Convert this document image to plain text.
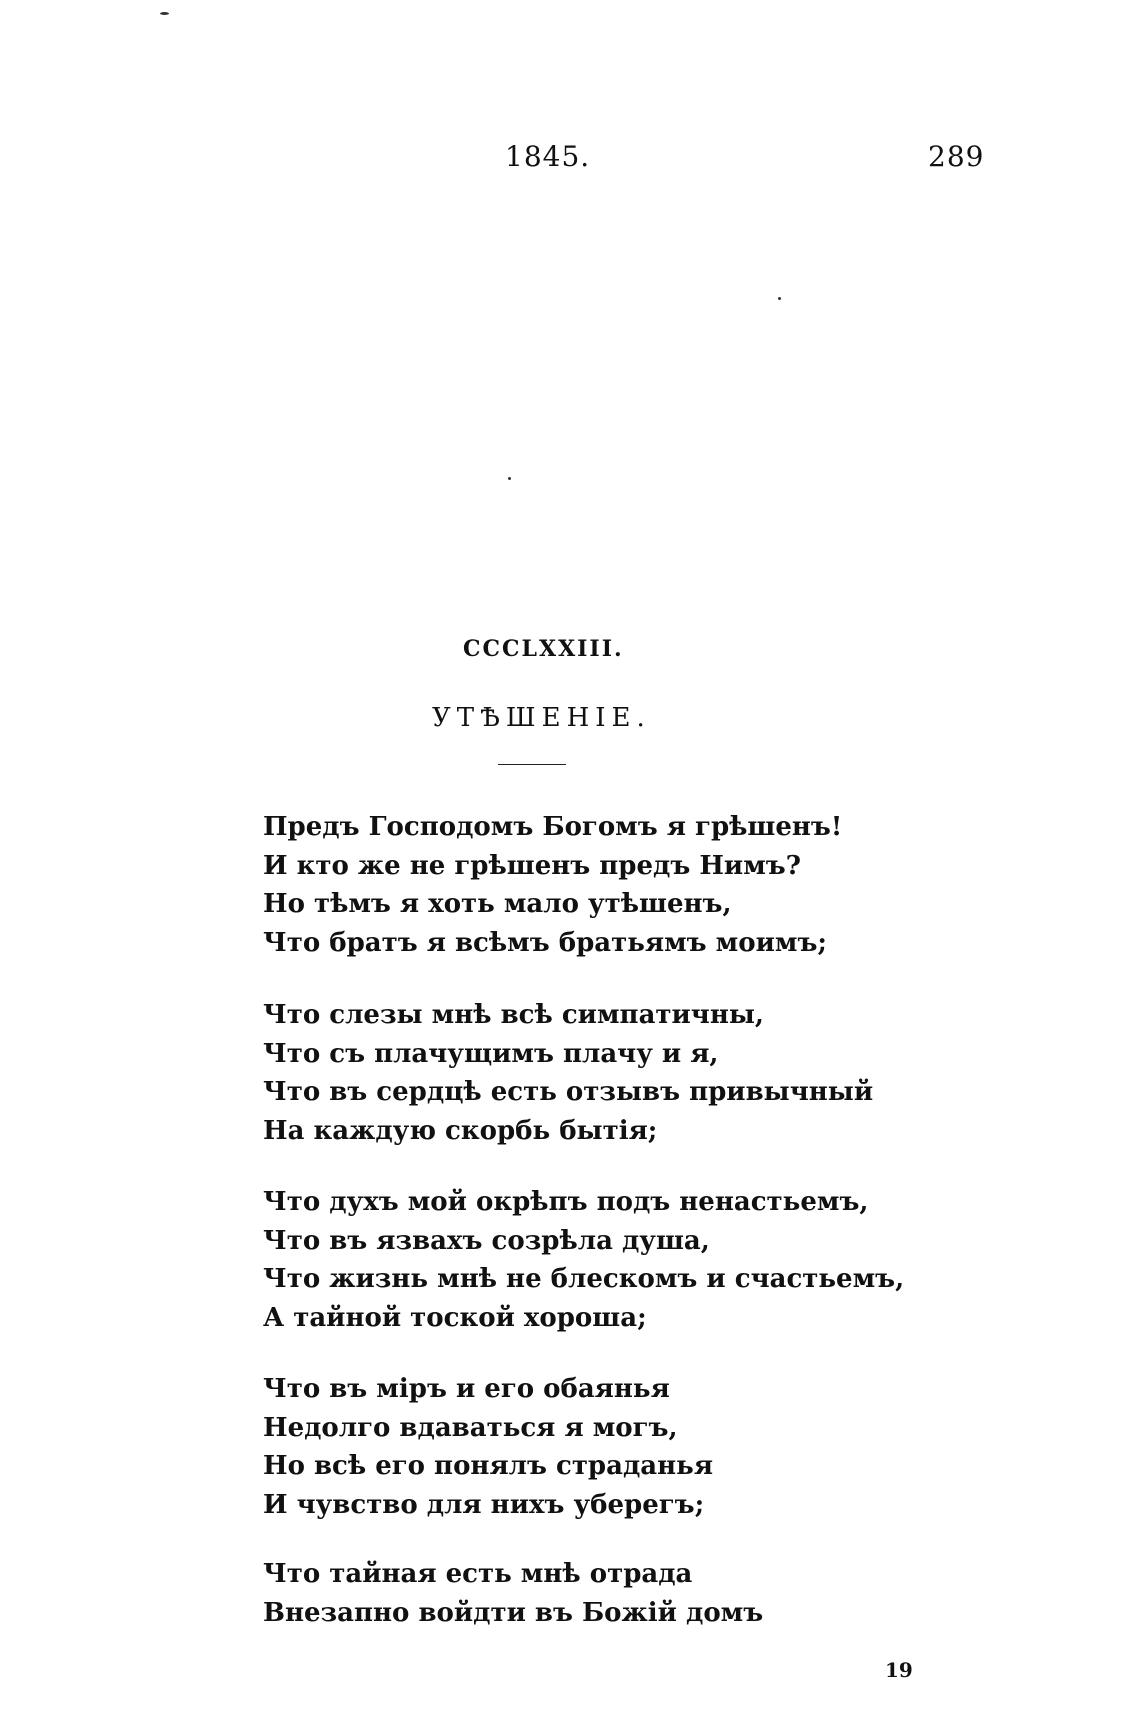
1845.	289
CCCLXXIII.
УТѢШЕНІЕ.
Предъ Господомъ Богомъ я грѣшенъ!
И кто же не грѣшенъ предъ Нимъ?
Но тѣмъ я хоть мало утѣшенъ,
Что братъ я всѣмъ братьямъ моимъ;
Что слезы мнѣ всѣ симпатичны,
Что съ плачущимъ плачу и я,
Что въ сердцѣ есть отзывъ привычный
На каждую скорбь бытія;
Что духъ мой окрѣпъ подъ ненастьемъ,
Что въ язвахъ созрѣла душа,
Что жизнь мнѣ не блескомъ и счастьемъ,
А тайной тоской хороша;
Что въ міръ и его обаянья
Недолго вдаваться я могъ,
Но всѣ его понялъ страданья
И чувство для нихъ уберегъ;
Что тайная есть мнѣ отрада
Внезапно войдти въ Божій домъ
19
